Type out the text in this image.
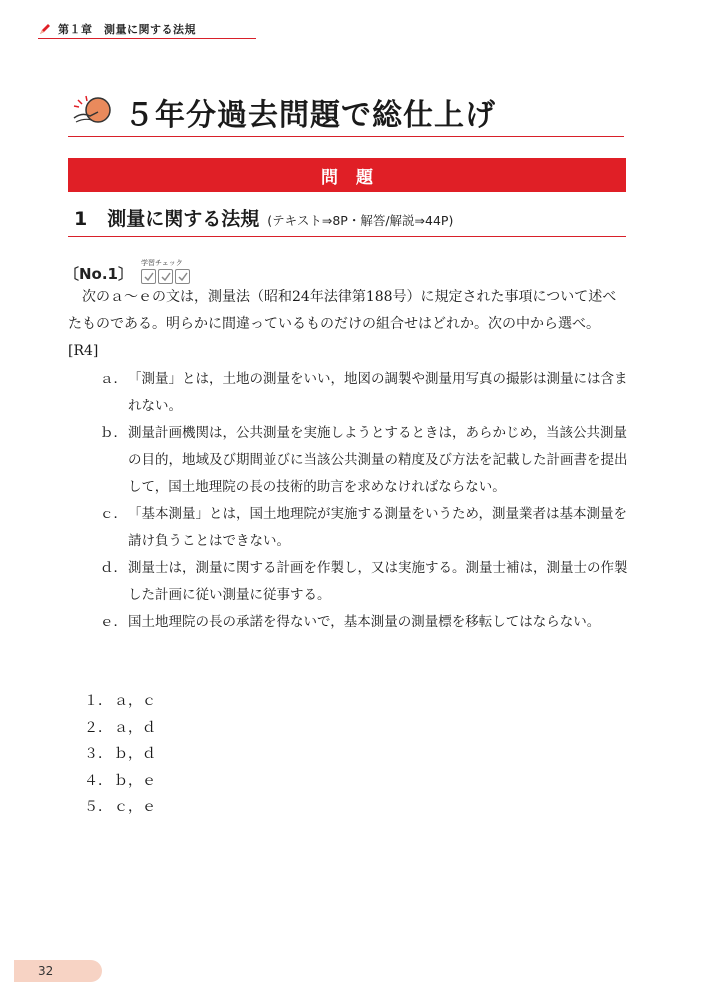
第１章　測量に関する法規
５年分過去問題で総仕上げ
問題
1 測量に関する法規 (テキスト⇒8P・解答/解説⇒44P)
〔No.1〕
学習チェック
次のａ～ｅの文は，測量法（昭和24年法律第188号）に規定された事項について述べたものである。明らかに間違っているものだけの組合せはどれか。次の中から選べ。[R4]
ａ． 「測量」とは，土地の測量をいい，地図の調製や測量用写真の撮影は測量には含まれない。
ｂ． 測量計画機関は，公共測量を実施しようとするときは，あらかじめ，当該公共測量の目的，地域及び期間並びに当該公共測量の精度及び方法を記載した計画書を提出して，国土地理院の長の技術的助言を求めなければならない。
ｃ． 「基本測量」とは，国土地理院が実施する測量をいうため，測量業者は基本測量を請け負うことはできない。
ｄ． 測量士は，測量に関する計画を作製し，又は実施する。測量士補は，測量士の作製した計画に従い測量に従事する。
ｅ． 国土地理院の長の承諾を得ないで，基本測量の測量標を移転してはならない。
１． ａ，ｃ
２． ａ，ｄ
３． ｂ，ｄ
４． ｂ，ｅ
５． ｃ，ｅ
32
